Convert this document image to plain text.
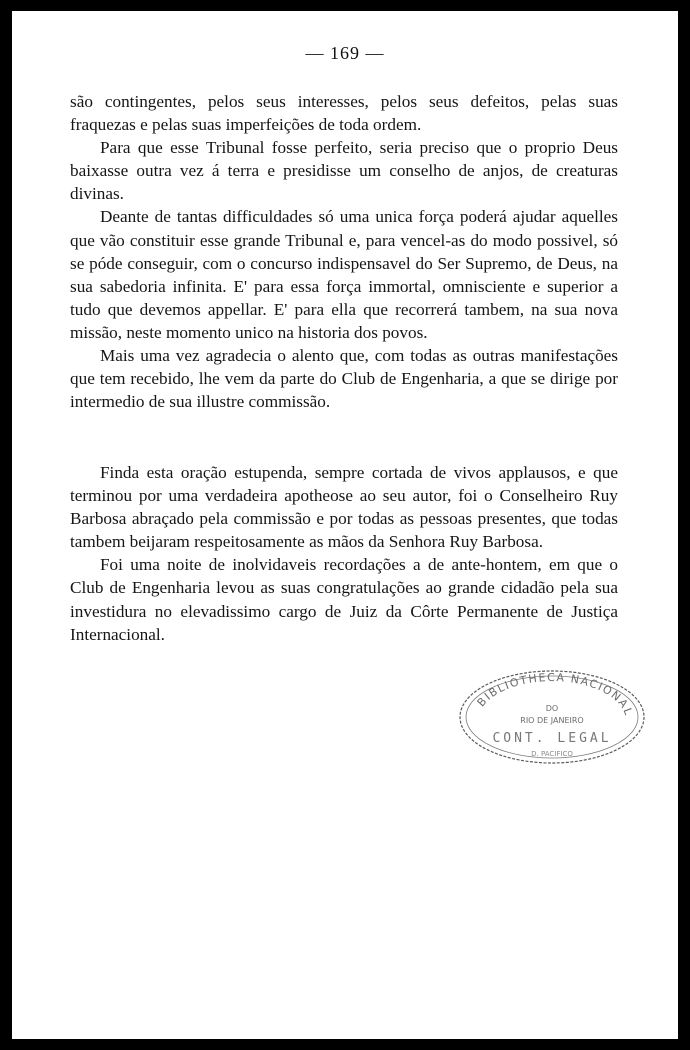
— 169 —

são contingentes, pelos seus interesses, pelos seus defeitos, pelas suas fraquezas e pelas suas imperfeições de toda ordem.

Para que esse Tribunal fosse perfeito, seria preciso que o proprio Deus baixasse outra vez á terra e presidisse um conselho de anjos, de creaturas divinas.

Deante de tantas difficuldades só uma unica força poderá ajudar aquelles que vão constituir esse grande Tribunal e, para vencel-as do modo possivel, só se póde conseguir, com o concurso indispensavel do Ser Supremo, de Deus, na sua sabedoria infinita. E' para essa força immortal, omnisciente e superior a tudo que devemos appellar. E' para ella que recorrerá tambem, na sua nova missão, neste momento unico na historia dos povos.

Mais uma vez agradecia o alento que, com todas as outras manifestações que tem recebido, lhe vem da parte do Club de Engenharia, a que se dirige por intermedio de sua illustre commissão.

Finda esta oração estupenda, sempre cortada de vivos applausos, e que terminou por uma verdadeira apotheose ao seu autor, foi o Conselheiro Ruy Barbosa abraçado pela commissão e por todas as pessoas presentes, que todas tambem beijaram respeitosamente as mãos da Senhora Ruy Barbosa.

Foi uma noite de inolvidaveis recordações a de ante-hontem, em que o Club de Engenharia levou as suas congratulações ao grande cidadão pela sua investidura no elevadissimo cargo de Juiz da Côrte Permanente de Justiça Internacional.

BIBLIOTHECA NACIONAL
DO
RIO DE JANEIRO
CONT. LEGAL
D. PACIFICO
